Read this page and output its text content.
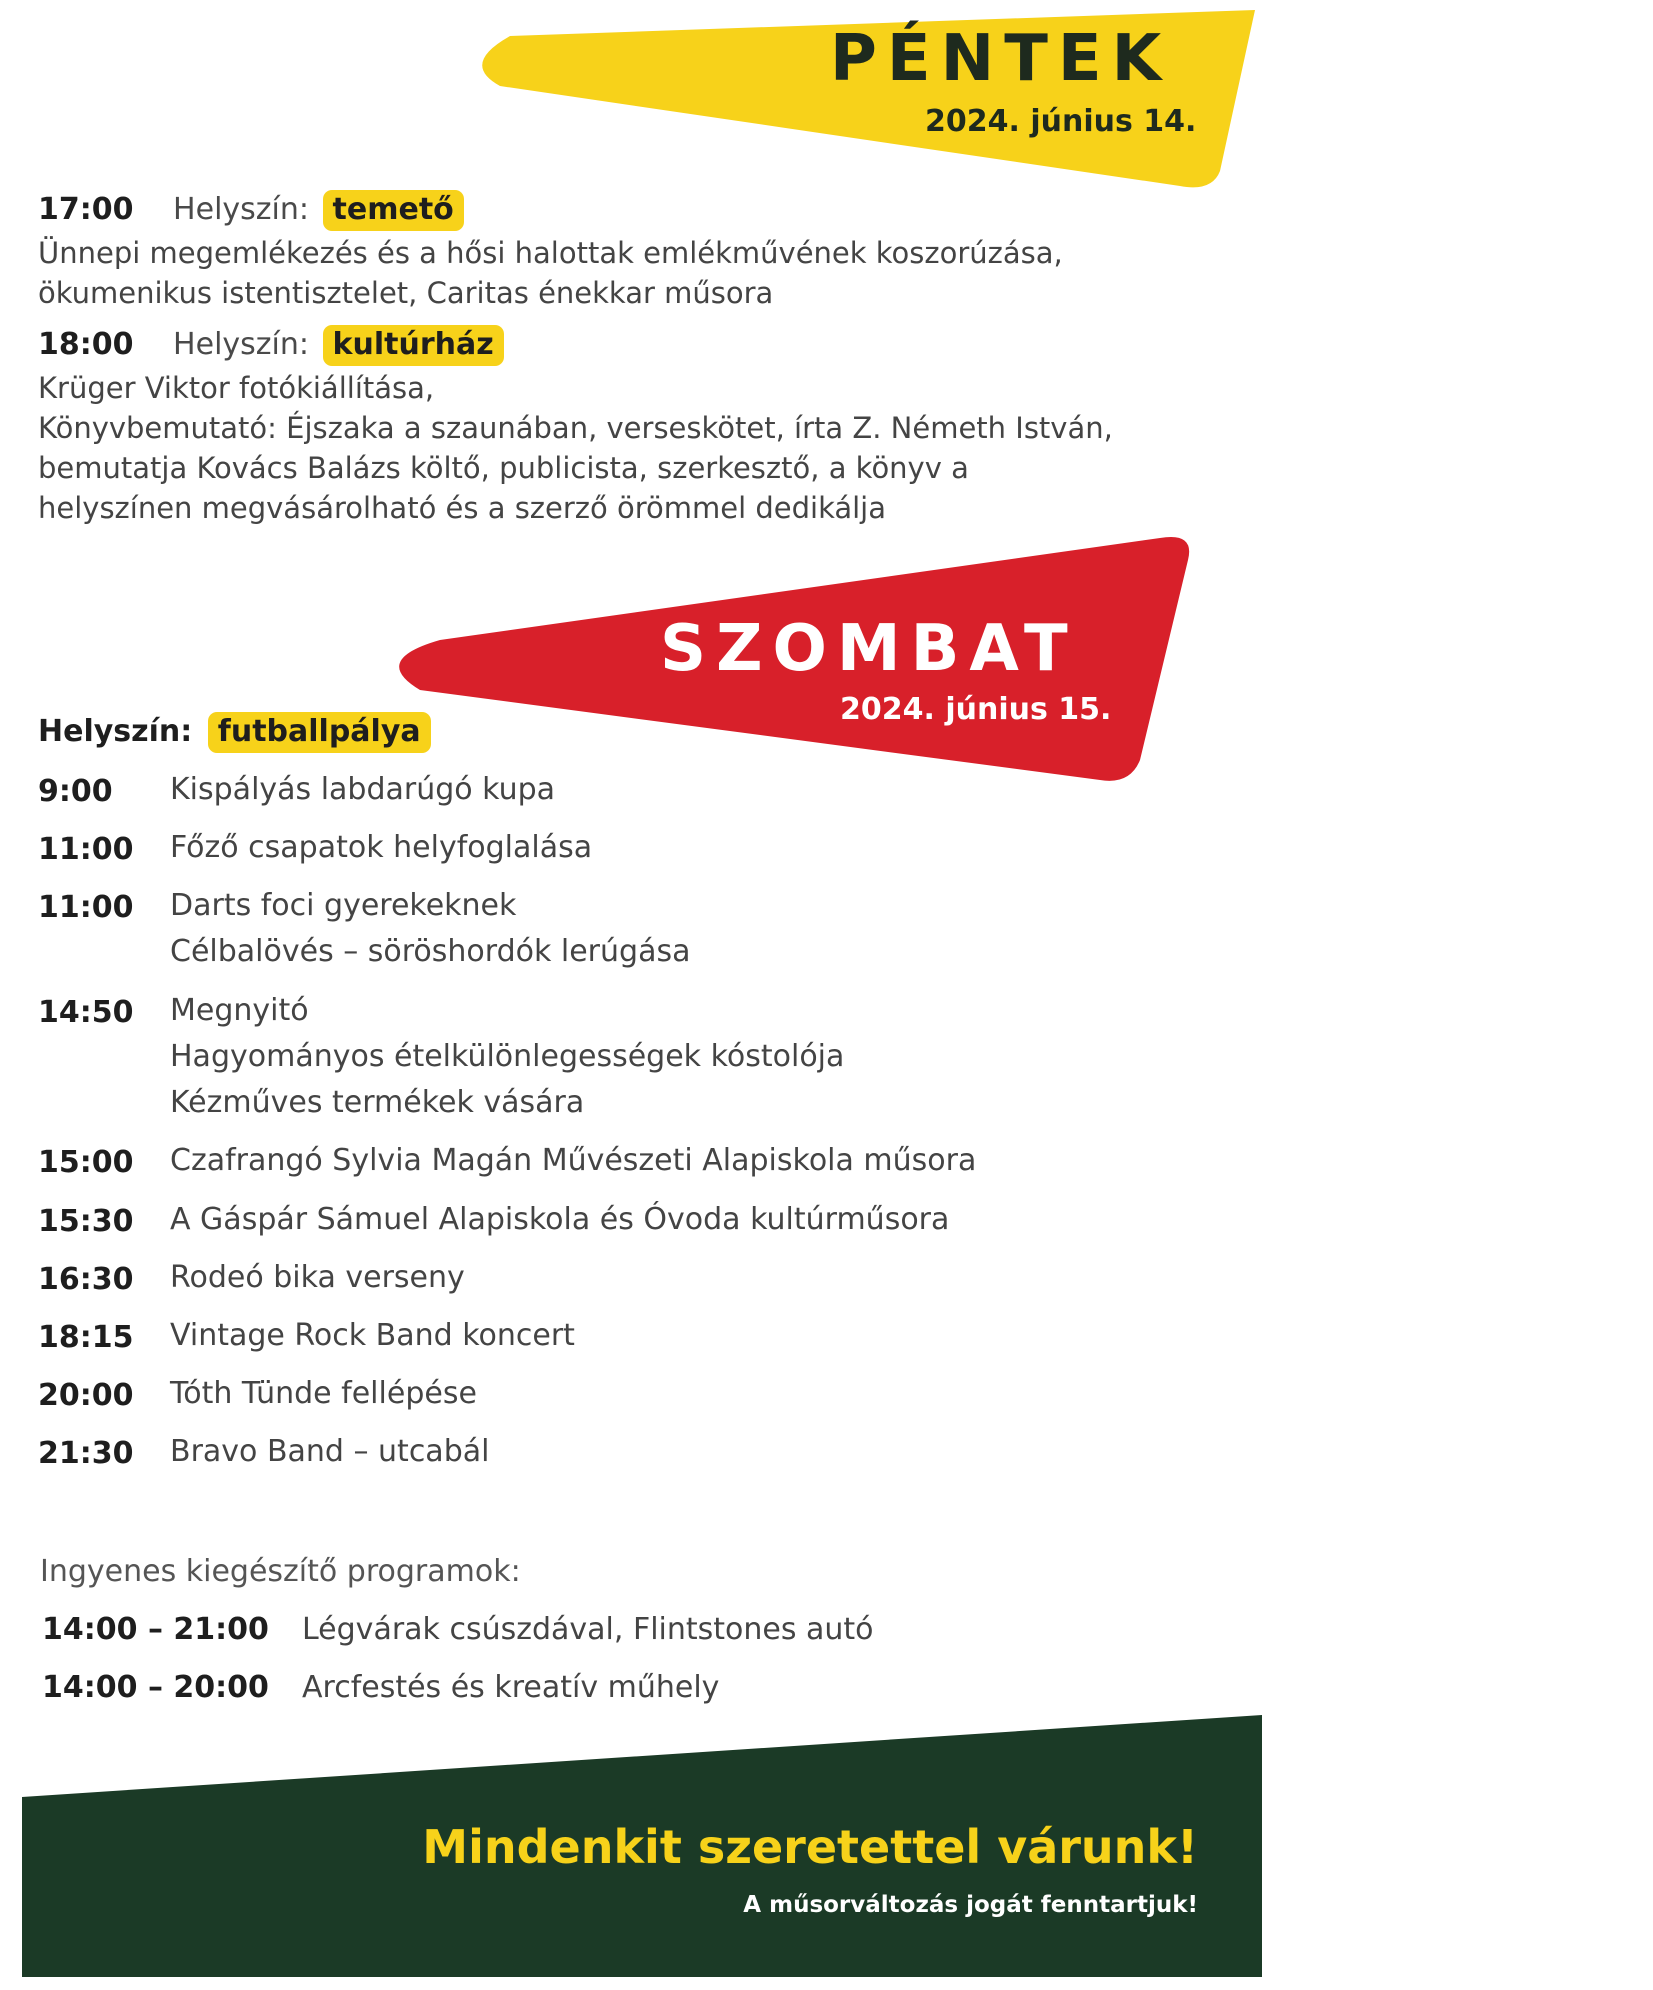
PÉNTEK
2024. június 14.
17:00 Helyszín: temető
Ünnepi megemlékezés és a hősi halottak emlékművének koszorúzása,
ökumenikus istentisztelet, Caritas énekkar műsora
18:00 Helyszín: kultúrház
Krüger Viktor fotókiállítása,
Könyvbemutató: Éjszaka a szaunában, verseskötet, írta Z. Németh István,
bemutatja Kovács Balázs költő, publicista, szerkesztő, a könyv a
helyszínen megvásárolható és a szerző örömmel dedikálja
SZOMBAT
2024. június 15.
Helyszín: futballpálya
9:00 Kispályás labdarúgó kupa
11:00 Főző csapatok helyfoglalása
11:00 Darts foci gyerekeknek
Célbalövés – söröshordók lerúgása
14:50 Megnyitó
Hagyományos ételkülönlegességek kóstolója
Kézműves termékek vására
15:00 Czafrangó Sylvia Magán Művészeti Alapiskola műsora
15:30 A Gáspár Sámuel Alapiskola és Óvoda kultúrműsora
16:30 Rodeó bika verseny
18:15 Vintage Rock Band koncert
20:00 Tóth Tünde fellépése
21:30 Bravo Band – utcabál
Ingyenes kiegészítő programok:
14:00 – 21:00 Légvárak csúszdával, Flintstones autó
14:00 – 20:00 Arcfestés és kreatív műhely
Mindenkit szeretettel várunk!
A műsorváltozás jogát fenntartjuk!
